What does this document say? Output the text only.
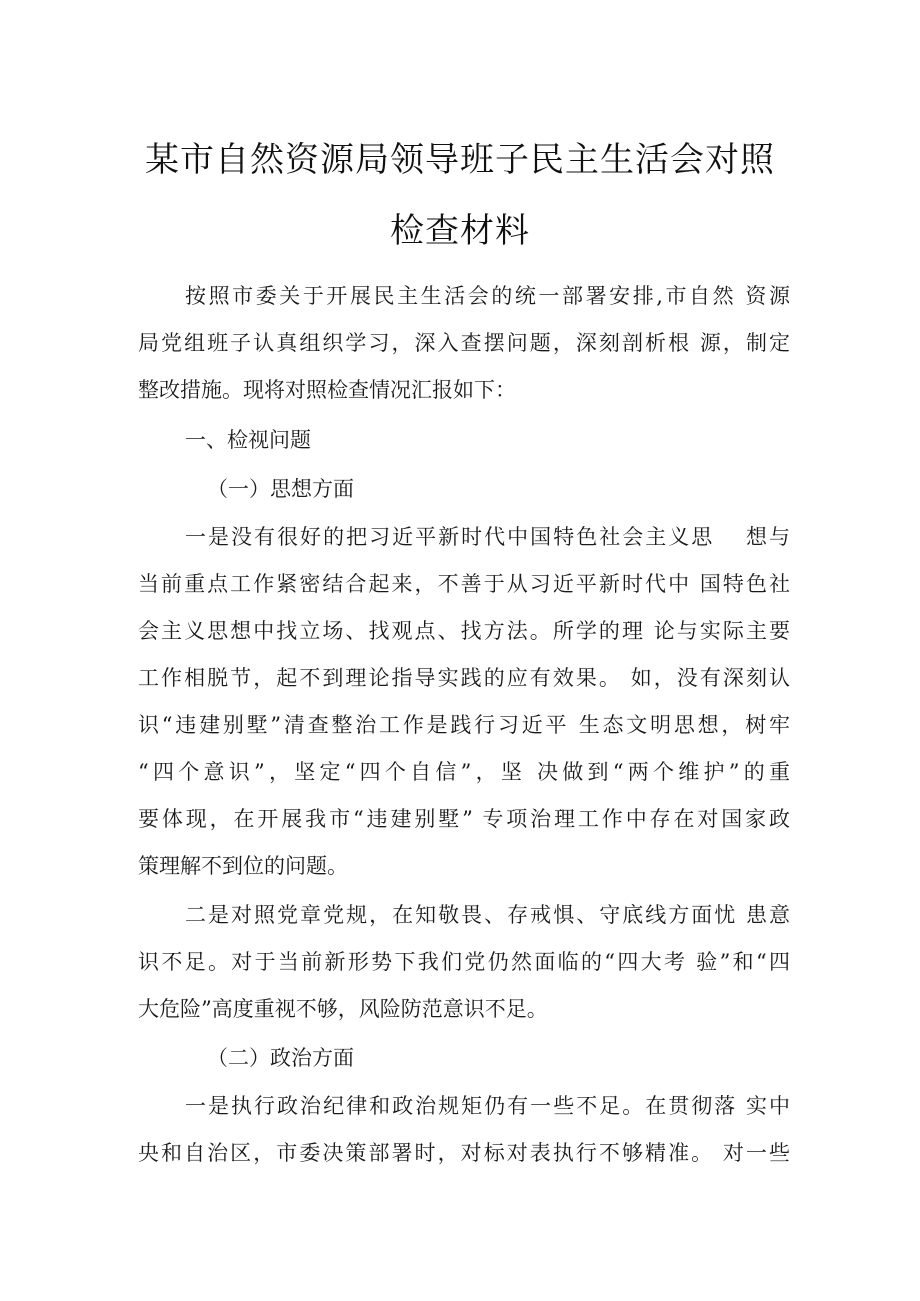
某市自然资源局领导班子民主生活会对照
检查材料
按照市委关于开展民主生活会的统一部署安排,市自然 资源
局党组班子认真组织学习，深入查摆问题，深刻剖析根 源，制定
整改措施。现将对照检查情况汇报如下：
一、检视问题
（一）思想方面
一是没有很好的把习近平新时代中国特色社会主义思　 想与
当前重点工作紧密结合起来，不善于从习近平新时代中 国特色社
会主义思想中找立场、找观点、找方法。所学的理 论与实际主要
工作相脱节，起不到理论指导实践的应有效果。 如，没有深刻认
识“违建别墅”清查整治工作是践行习近平 生态文明思想，树牢
“四个意识”，坚定“四个自信”，坚 决做到“两个维护”的重
要体现，在开展我市“违建别墅” 专项治理工作中存在对国家政
策理解不到位的问题。
二是对照党章党规，在知敬畏、存戒惧、守底线方面忧 患意
识不足。对于当前新形势下我们党仍然面临的“四大考 验”和“四
大危险”高度重视不够，风险防范意识不足。
（二）政治方面
一是执行政治纪律和政治规矩仍有一些不足。在贯彻落 实中
央和自治区，市委决策部署时，对标对表执行不够精准。 对一些
